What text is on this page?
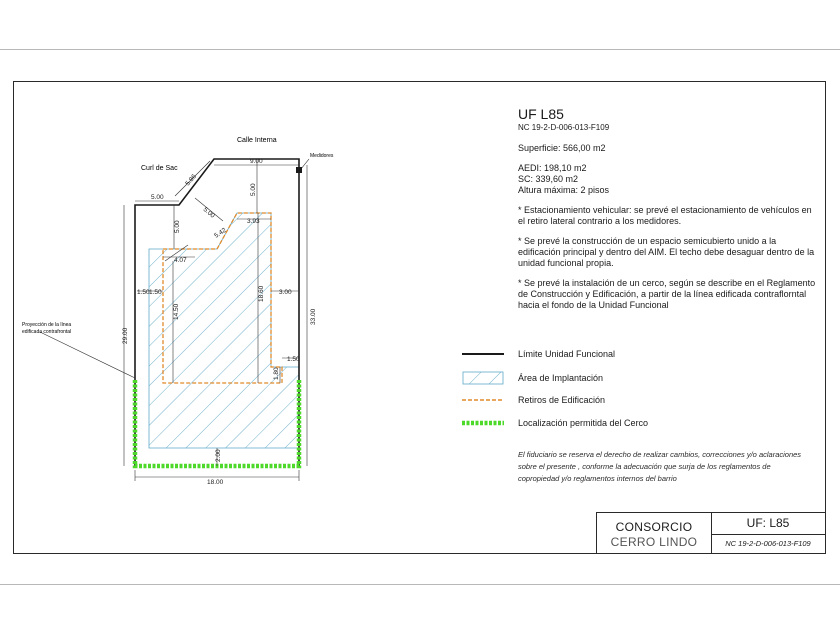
Calle Interna
Curl de Sac
Medidores
Proyección de la línea
edificada contrafrontal
9.00
5.00
5.86
5.00
5.00
3.93
5.00
5.42
4.07
1.50 1.50
14.50
18.60 3.00
29.00
33.00
1.50
1.80
2.00
18.00

UF L85

NC 19-2-D-006-013-F109

Superficie: 566,00 m2

AEDI: 198,10 m2

SC: 339,60 m2

Altura máxima: 2 pisos

* Estacionamiento vehicular: se prevé el estacionamiento de vehículos en el retiro lateral contrario a los medidores.

* Se prevé la construcción de un espacio semicubierto unido a la edificación principal y dentro del AIM. El techo debe desaguar dentro de la unidad funcional propia.

* Se prevé la instalación de un cerco, según se describe en el Reglamento de Construcción y Edificación, a partir de la línea edificada contraflorntal hacia el fondo de la Unidad Funcional

Límite Unidad Funcional
Área de Implantación
Retiros de Edificación
Localización permitida del Cerco
El fiduciario se reserva el derecho de realizar cambios, correcciones y/o aclaraciones sobre el presente , conforme la adecuación que surja de los reglamentos de copropiedad y/o reglamentos internos del barrio
CONSORCIO
CERRO LINDO
UF: L85
NC 19-2-D-006-013-F109
